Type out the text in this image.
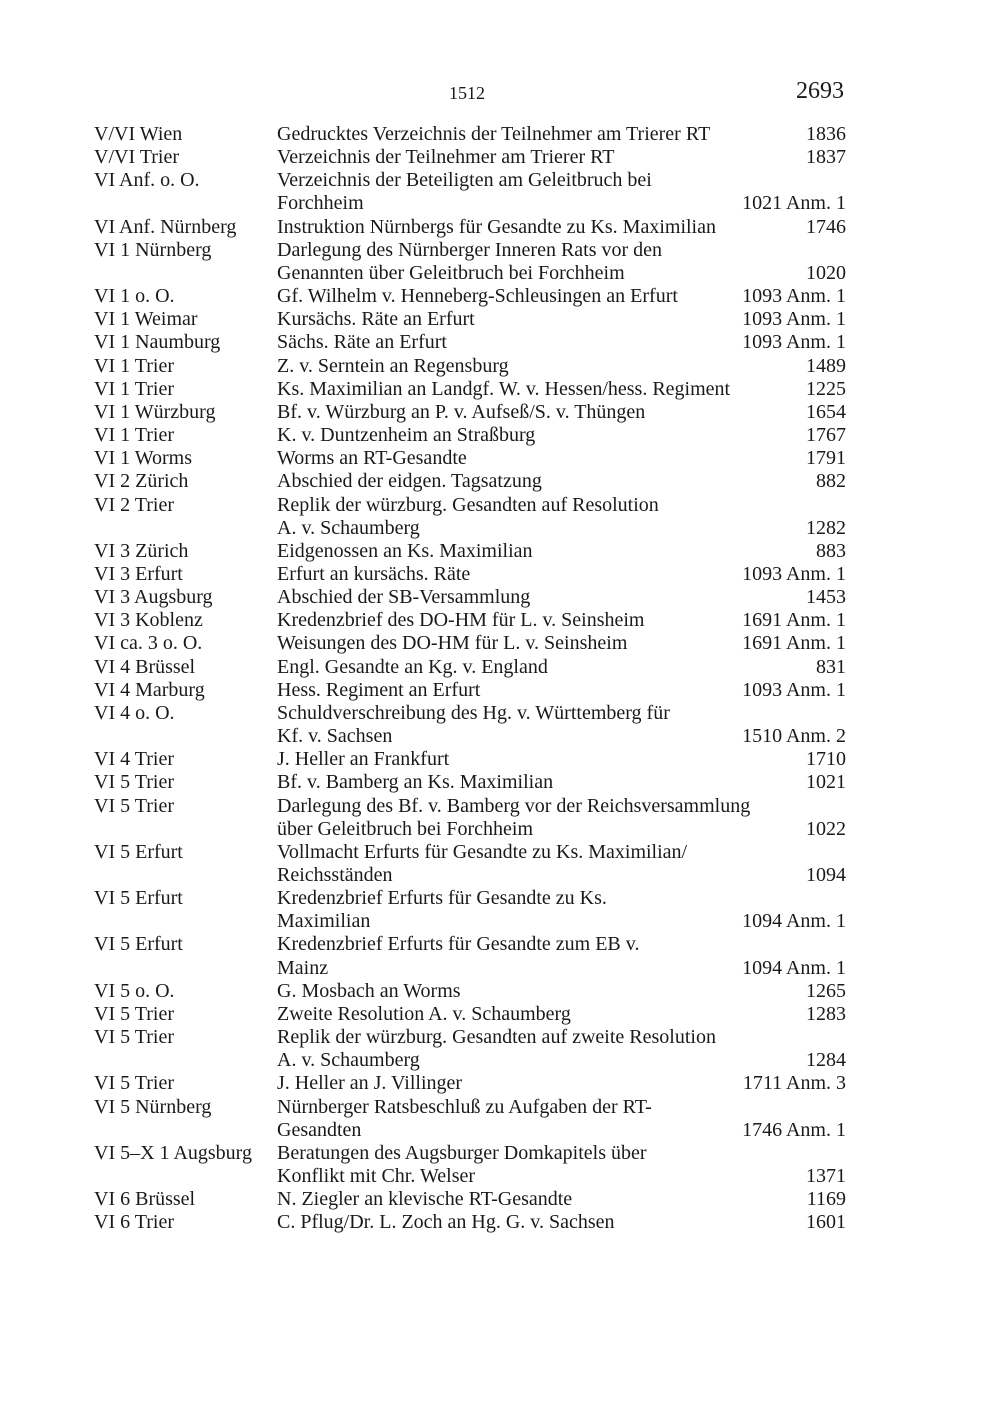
1512	2693
V/VI Wien	Gedrucktes Verzeichnis der Teilnehmer am Trierer RT	1836
V/VI Trier	Verzeichnis der Teilnehmer am Trierer RT	1837
VI Anf. o. O.	Verzeichnis der Beteiligten am Geleitbruch bei
Forchheim	1021 Anm. 1
VI Anf. Nürnberg	Instruktion Nürnbergs für Gesandte zu Ks. Maximilian	1746
VI 1 Nürnberg	Darlegung des Nürnberger Inneren Rats vor den
Genannten über Geleitbruch bei Forchheim	1020
VI 1 o. O.	Gf. Wilhelm v. Henneberg-Schleusingen an Erfurt	1093 Anm. 1
VI 1 Weimar	Kursächs. Räte an Erfurt	1093 Anm. 1
VI 1 Naumburg	Sächs. Räte an Erfurt	1093 Anm. 1
VI 1 Trier	Z. v. Serntein an Regensburg	1489
VI 1 Trier	Ks. Maximilian an Landgf. W. v. Hessen/hess. Regiment	1225
VI 1 Würzburg	Bf. v. Würzburg an P. v. Aufseß/S. v. Thüngen	1654
VI 1 Trier	K. v. Duntzenheim an Straßburg	1767
VI 1 Worms	Worms an RT-Gesandte	1791
VI 2 Zürich	Abschied der eidgen. Tagsatzung	882
VI 2 Trier	Replik der würzburg. Gesandten auf Resolution
A. v. Schaumberg	1282
VI 3 Zürich	Eidgenossen an Ks. Maximilian	883
VI 3 Erfurt	Erfurt an kursächs. Räte	1093 Anm. 1
VI 3 Augsburg	Abschied der SB-Versammlung	1453
VI 3 Koblenz	Kredenzbrief des DO-HM für L. v. Seinsheim	1691 Anm. 1
VI ca. 3 o. O.	Weisungen des DO-HM für L. v. Seinsheim	1691 Anm. 1
VI 4 Brüssel	Engl. Gesandte an Kg. v. England	831
VI 4 Marburg	Hess. Regiment an Erfurt	1093 Anm. 1
VI 4 o. O.	Schuldverschreibung des Hg. v. Württemberg für
Kf. v. Sachsen	1510 Anm. 2
VI 4 Trier	J. Heller an Frankfurt	1710
VI 5 Trier	Bf. v. Bamberg an Ks. Maximilian	1021
VI 5 Trier	Darlegung des Bf. v. Bamberg vor der Reichsversammlung
über Geleitbruch bei Forchheim	1022
VI 5 Erfurt	Vollmacht Erfurts für Gesandte zu Ks. Maximilian/
Reichsständen	1094
VI 5 Erfurt	Kredenzbrief Erfurts für Gesandte zu Ks.
Maximilian	1094 Anm. 1
VI 5 Erfurt	Kredenzbrief Erfurts für Gesandte zum EB v.
Mainz	1094 Anm. 1
VI 5 o. O.	G. Mosbach an Worms	1265
VI 5 Trier	Zweite Resolution A. v. Schaumberg	1283
VI 5 Trier	Replik der würzburg. Gesandten auf zweite Resolution
A. v. Schaumberg	1284
VI 5 Trier	J. Heller an J. Villinger	1711 Anm. 3
VI 5 Nürnberg	Nürnberger Ratsbeschluß zu Aufgaben der RT-
Gesandten	1746 Anm. 1
VI 5–X 1 Augsburg	Beratungen des Augsburger Domkapitels über
Konflikt mit Chr. Welser	1371
VI 6 Brüssel	N. Ziegler an klevische RT-Gesandte	1169
VI 6 Trier	C. Pflug/Dr. L. Zoch an Hg. G. v. Sachsen	1601
